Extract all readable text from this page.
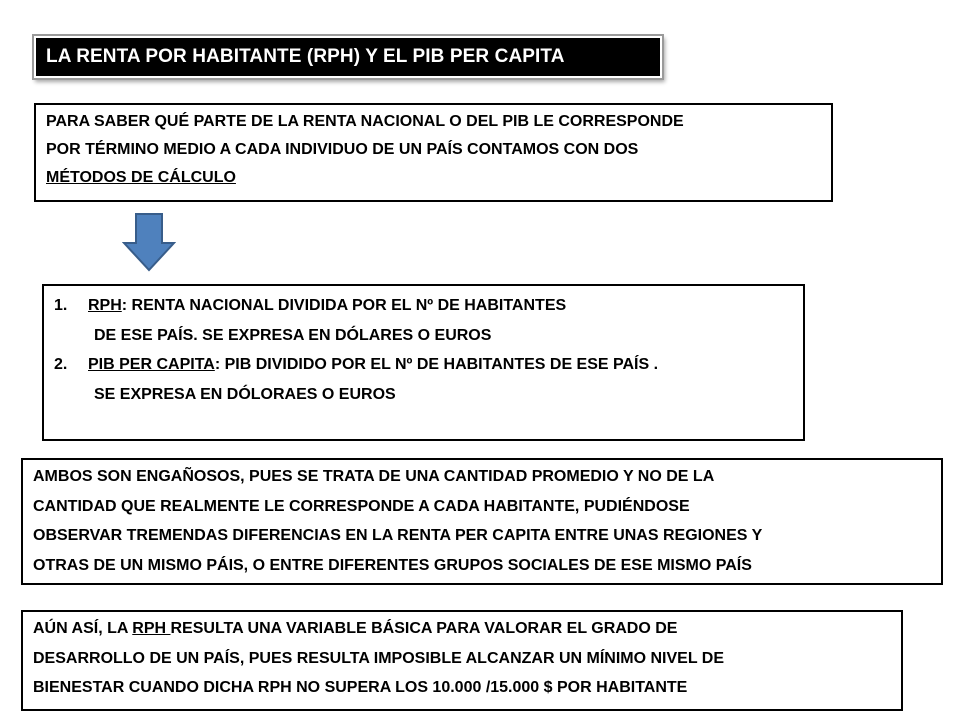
LA RENTA POR HABITANTE (RPH) Y EL PIB PER CAPITA
PARA SABER QUÉ PARTE DE LA RENTA NACIONAL O DEL PIB LE CORRESPONDE
POR TÉRMINO MEDIO A CADA INDIVIDUO DE UN PAÍS CONTAMOS CON DOS
MÉTODOS DE CÁLCULO
1.	RPH: RENTA NACIONAL DIVIDIDA POR EL Nº DE HABITANTES
DE ESE PAÍS. SE EXPRESA EN DÓLARES O EUROS
2.	PIB PER CAPITA: PIB DIVIDIDO POR EL Nº DE HABITANTES DE ESE PAÍS .
SE EXPRESA EN DÓLORAES O EUROS
AMBOS SON ENGAÑOSOS, PUES SE TRATA DE UNA CANTIDAD PROMEDIO Y NO DE LA
CANTIDAD QUE REALMENTE LE CORRESPONDE A CADA HABITANTE, PUDIÉNDOSE
OBSERVAR TREMENDAS DIFERENCIAS EN LA RENTA PER CAPITA ENTRE UNAS REGIONES Y
OTRAS DE UN MISMO PÁIS, O ENTRE DIFERENTES GRUPOS SOCIALES DE ESE MISMO PAÍS
AÚN ASÍ, LA RPH RESULTA UNA VARIABLE BÁSICA PARA VALORAR EL GRADO DE
DESARROLLO DE UN PAÍS, PUES RESULTA IMPOSIBLE ALCANZAR UN MÍNIMO NIVEL DE
BIENESTAR CUANDO DICHA RPH NO SUPERA LOS 10.000 /15.000 $ POR HABITANTE
